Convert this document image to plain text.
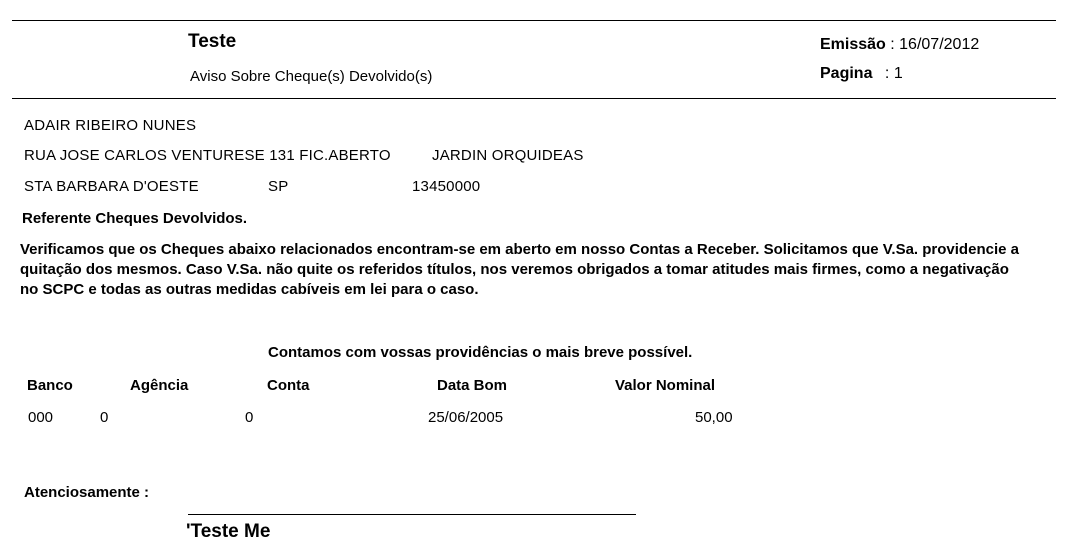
Teste
Aviso Sobre Cheque(s) Devolvido(s)
Emissão : 16/07/2012
Pagina : 1
ADAIR RIBEIRO NUNES
RUA JOSE CARLOS VENTURESE 131 FIC.ABERTO	JARDIN ORQUIDEAS
STA BARBARA D'OESTE	SP	13450000
Referente Cheques Devolvidos.
Verificamos que os Cheques abaixo relacionados encontram-se em aberto em nosso Contas a Receber. Solicitamos que V.Sa. providencie a quitação dos mesmos. Caso V.Sa. não quite os referidos títulos, nos veremos obrigados a tomar atitudes mais firmes, como a negativação no SCPC e todas as outras medidas cabíveis em lei para o caso.
Contamos com vossas providências o mais breve possível.
Banco	Agência	Conta	Data Bom	Valor Nominal
000	0	0	25/06/2005	50,00
Atenciosamente :
'Teste Me
